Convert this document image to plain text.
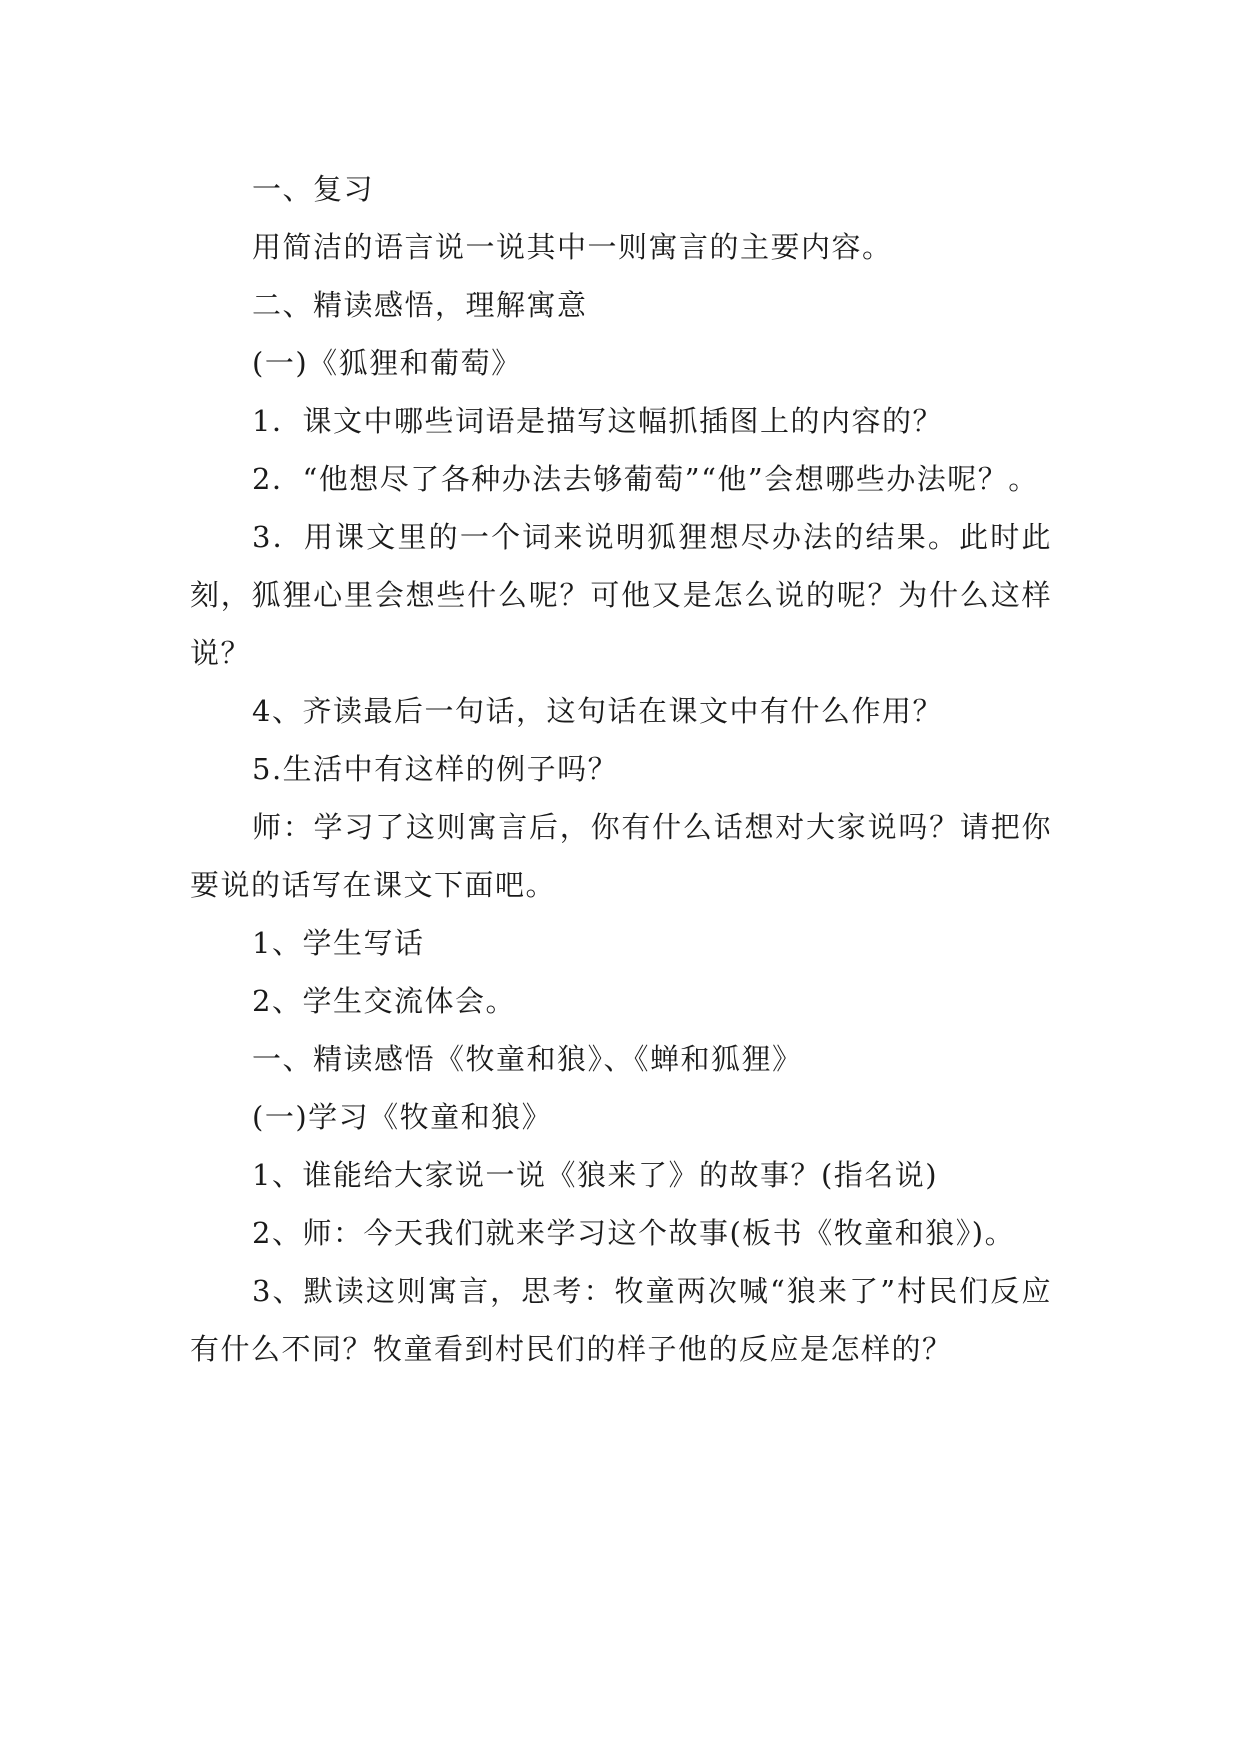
一、复习

用简洁的语言说一说其中一则寓言的主要内容。

二、精读感悟，理解寓意

(一)《狐狸和葡萄》

1．课文中哪些词语是描写这幅抓插图上的内容的？

2．“他想尽了各种办法去够葡萄”“他”会想哪些办法呢？。

3．用课文里的一个词来说明狐狸想尽办法的结果。此时此刻，狐狸心里会想些什么呢？可他又是怎么说的呢？为什么这样说？

4、齐读最后一句话，这句话在课文中有什么作用？

5.生活中有这样的例子吗？

师：学习了这则寓言后，你有什么话想对大家说吗？请把你要说的话写在课文下面吧。

1、学生写话

2、学生交流体会。

一、精读感悟《牧童和狼》、《蝉和狐狸》

(一)学习《牧童和狼》

1、谁能给大家说一说《狼来了》的故事？(指名说)

2、师：今天我们就来学习这个故事(板书《牧童和狼》)。

3、默读这则寓言，思考：牧童两次喊“狼来了”村民们反应有什么不同？牧童看到村民们的样子他的反应是怎样的？
